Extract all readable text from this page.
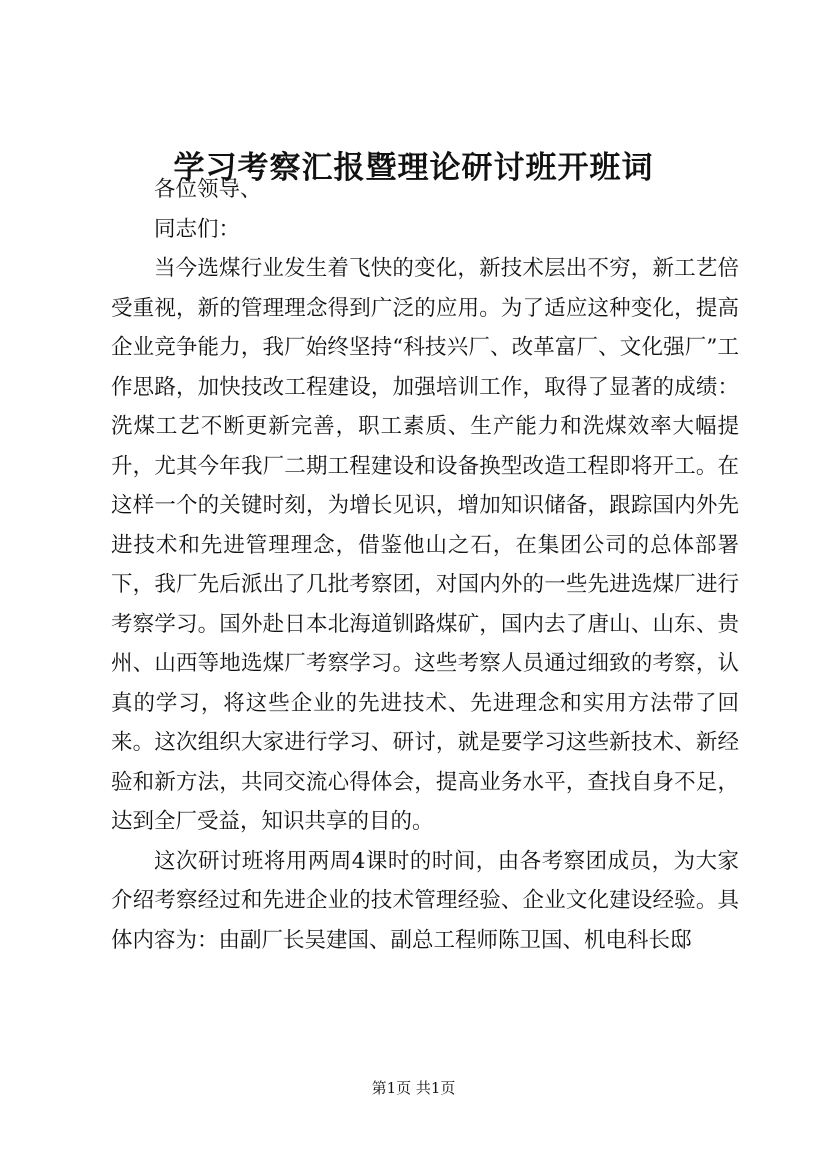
学习考察汇报暨理论研讨班开班词

各位领导、

同志们：

当今选煤行业发生着飞快的变化，新技术层出不穷，新工艺倍受重视，新的管理理念得到广泛的应用。为了适应这种变化，提高企业竞争能力，我厂始终坚持“科技兴厂、改革富厂、文化强厂”工作思路，加快技改工程建设，加强培训工作，取得了显著的成绩：洗煤工艺不断更新完善，职工素质、生产能力和洗煤效率大幅提升，尤其今年我厂二期工程建设和设备换型改造工程即将开工。在这样一个的关键时刻，为增长见识，增加知识储备，跟踪国内外先进技术和先进管理理念，借鉴他山之石，在集团公司的总体部署下，我厂先后派出了几批考察团，对国内外的一些先进选煤厂进行考察学习。国外赴日本北海道钏路煤矿，国内去了唐山、山东、贵州、山西等地选煤厂考察学习。这些考察人员通过细致的考察，认真的学习，将这些企业的先进技术、先进理念和实用方法带了回来。这次组织大家进行学习、研讨，就是要学习这些新技术、新经验和新方法，共同交流心得体会，提高业务水平，查找自身不足，达到全厂受益，知识共享的目的。

这次研讨班将用两周4课时的时间，由各考察团成员，为大家介绍考察经过和先进企业的技术管理经验、企业文化建设经验。具体内容为：由副厂长吴建国、副总工程师陈卫国、机电科长邸

第1页 共1页
